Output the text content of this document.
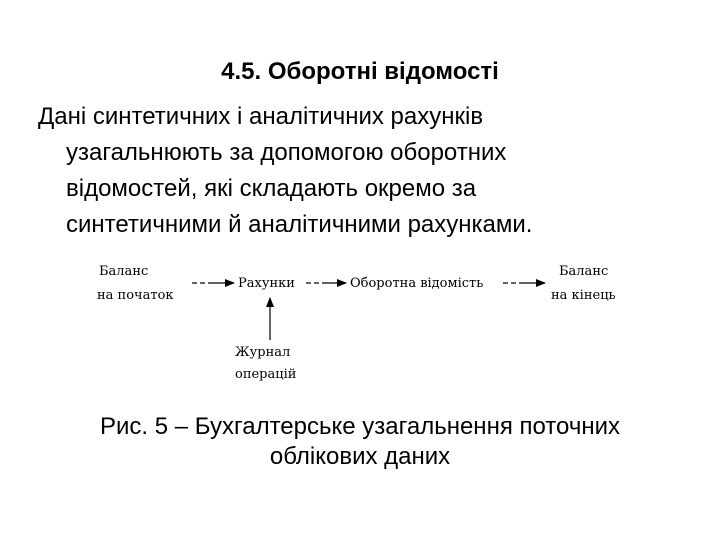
4.5. Оборотні відомості
Дані синтетичних і аналітичних рахунків
узагальнюють за допомогою оборотних
відомостей, які складають окремо за
синтетичними й аналітичними рахунками.
Баланс
на початок
Рахунки	Оборотна відомість
Баланс
на кінець
Журнал
операцій
Рис. 5 – Бухгалтерське узагальнення поточних
облікових даних
